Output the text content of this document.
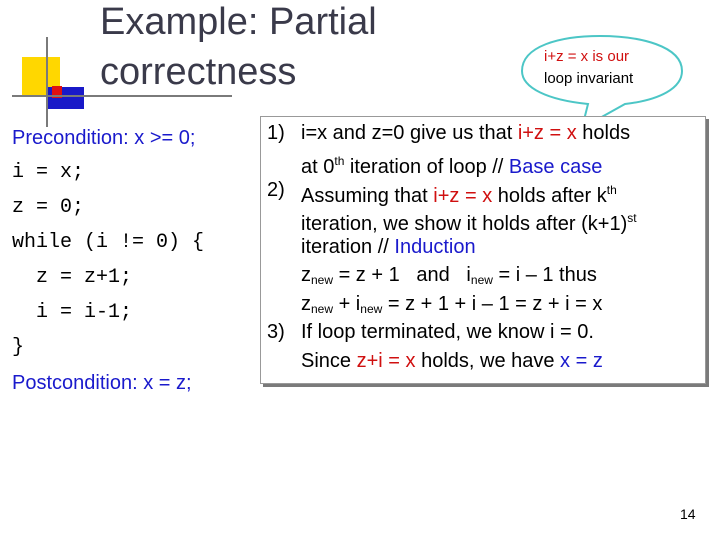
Example: Partial
correctness	i+z = x is our
loop invariant
Precondition: x >= 0;
i = x;
z = 0;
while (i != 0) {
z = z+1;
i = i-1;
}
Postcondition: x = z;
1) i=x and z=0 give us that i+z = x holds
at 0th iteration of loop // Base case
2) Assuming that i+z = x holds after $k^{th}$
iteration, we show it holds after $(k+1)^{st}$
iteration // Induction
$z_{new} = z + 1$   and   $i_{new} = i - 1$ thus
$z_{new} + i_{new} = z + 1 + i - 1 = z + i = x$
3) If loop terminated, we know i = 0.
Since z+i = x holds, we have x = z
14
